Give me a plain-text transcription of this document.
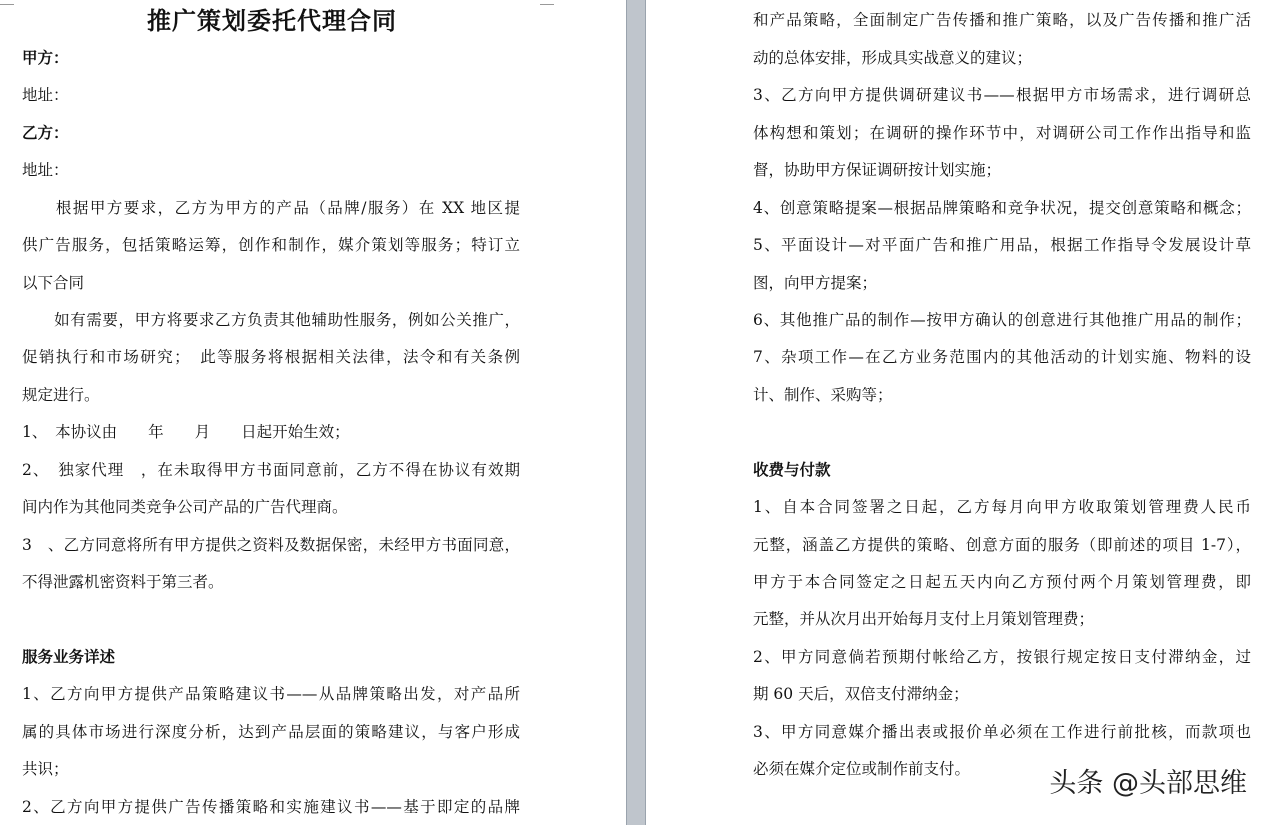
推广策划委托代理合同
甲方：
地址：
乙方：
地址：
　　根据甲方要求，乙方为甲方的产品（品牌/服务）在 XX 地区提
供广告服务，包括策略运筹，创作和制作，媒介策划等服务；特订立
以下合同
　　如有需要，甲方将要求乙方负责其他辅助性服务，例如公关推广，
促销执行和市场研究；　此等服务将根据相关法律，法令和有关条例
规定进行。
1、　本协议由　　年　　月　　日起开始生效；
2、　独家代理　，在未取得甲方书面同意前，乙方不得在协议有效期
间内作为其他同类竞争公司产品的广告代理商。
3　、乙方同意将所有甲方提供之资料及数据保密，未经甲方书面同意，
不得泄露机密资料于第三者。
服务业务详述
1、乙方向甲方提供产品策略建议书——从品牌策略出发，对产品所
属的具体市场进行深度分析，达到产品层面的策略建议，与客户形成
共识；
2、乙方向甲方提供广告传播策略和实施建议书——基于即定的品牌
和产品策略，全面制定广告传播和推广策略，以及广告传播和推广活
动的总体安排，形成具实战意义的建议；
3、乙方向甲方提供调研建议书——根据甲方市场需求，进行调研总
体构想和策划；在调研的操作环节中，对调研公司工作作出指导和监
督，协助甲方保证调研按计划实施；
4、创意策略提案—根据品牌策略和竞争状况，提交创意策略和概念；
5、平面设计—对平面广告和推广用品，根据工作指导令发展设计草
图，向甲方提案；
6、其他推广品的制作—按甲方确认的创意进行其他推广用品的制作；
7、杂项工作—在乙方业务范围内的其他活动的计划实施、物料的设
计、制作、采购等；
收费与付款
1、自本合同签署之日起，乙方每月向甲方收取策划管理费人民币
元整，涵盖乙方提供的策略、创意方面的服务（即前述的项目 1-7），
甲方于本合同签定之日起五天内向乙方预付两个月策划管理费，即
元整，并从次月出开始每月支付上月策划管理费；
2、甲方同意倘若预期付帐给乙方，按银行规定按日支付滞纳金，过
期 60 天后，双倍支付滞纳金；
3、甲方同意媒介播出表或报价单必须在工作进行前批核，而款项也
必须在媒介定位或制作前支付。	头条 @头部思维
